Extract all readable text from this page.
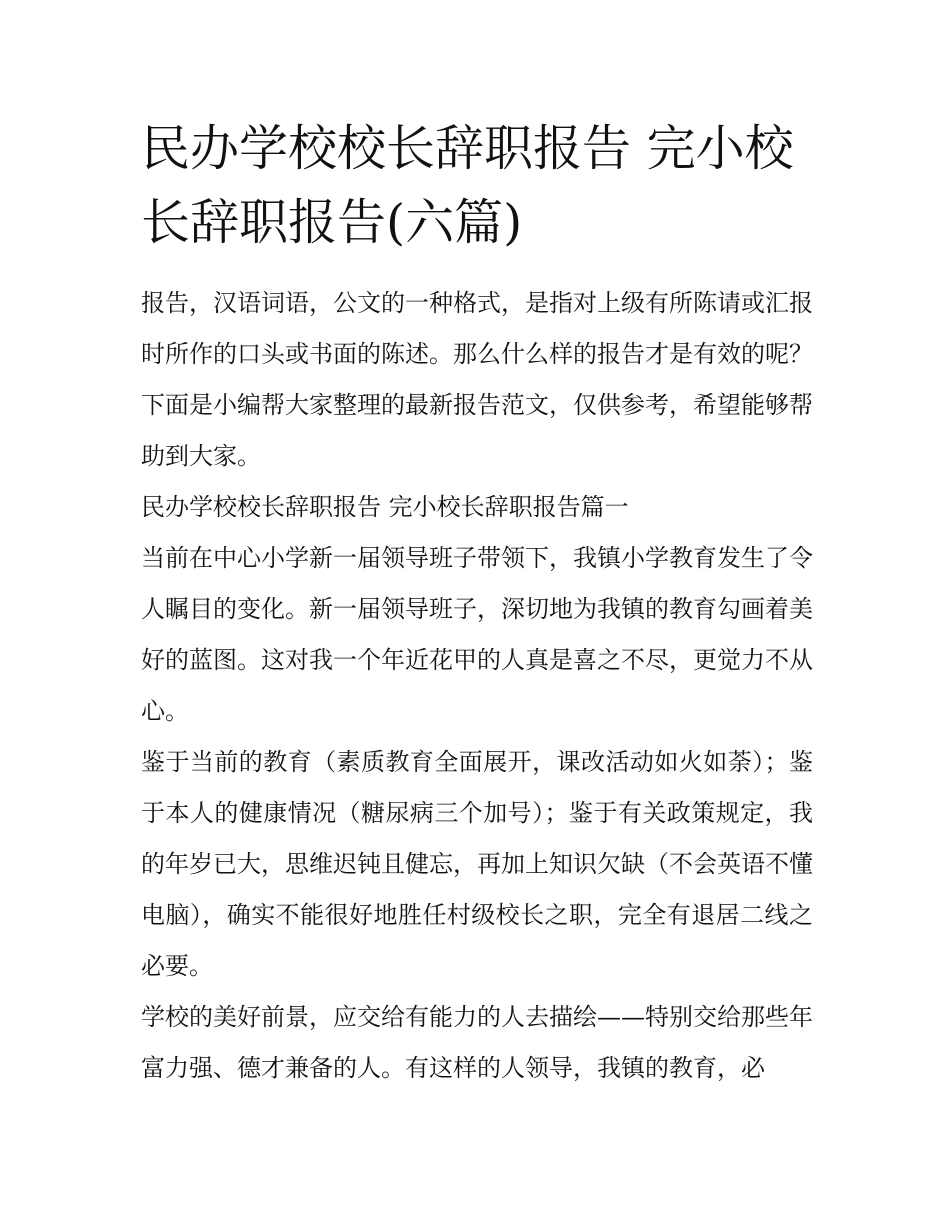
民办学校校长辞职报告 完小校长辞职报告(六篇)

报告，汉语词语，公文的一种格式，是指对上级有所陈请或汇报时所作的口头或书面的陈述。那么什么样的报告才是有效的呢？下面是小编帮大家整理的最新报告范文，仅供参考，希望能够帮助到大家。

民办学校校长辞职报告 完小校长辞职报告篇一

当前在中心小学新一届领导班子带领下，我镇小学教育发生了令人瞩目的变化。新一届领导班子，深切地为我镇的教育勾画着美好的蓝图。这对我一个年近花甲的人真是喜之不尽，更觉力不从心。

鉴于当前的教育（素质教育全面展开，课改活动如火如荼）；鉴于本人的健康情况（糖尿病三个加号）；鉴于有关政策规定，我的年岁已大，思维迟钝且健忘，再加上知识欠缺（不会英语不懂电脑），确实不能很好地胜任村级校长之职，完全有退居二线之必要。

学校的美好前景，应交给有能力的人去描绘——特别交给那些年富力强、德才兼备的人。有这样的人领导，我镇的教育，必
